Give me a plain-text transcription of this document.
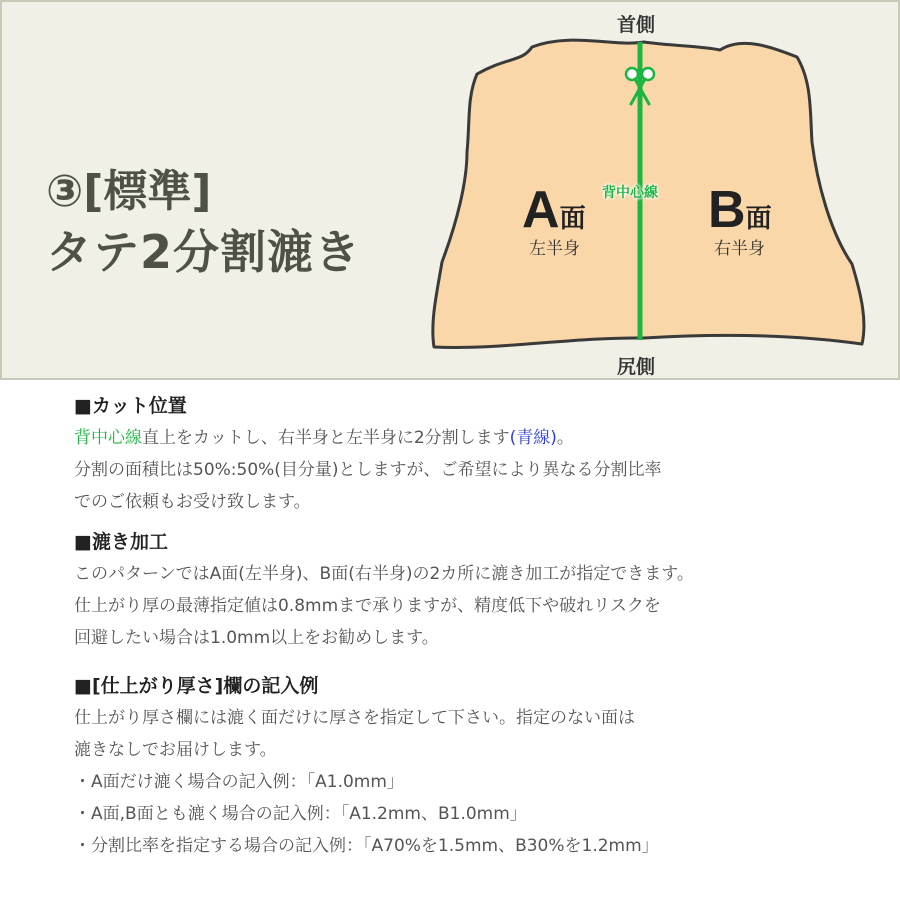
③[標準]
タテ2分割漉き
首側
尻側
背中心線
A面
左半身
B面
右半身
■カット位置
背中心線直上をカットし、右半身と左半身に2分割します(青線)。
分割の面積比は50%:50%(目分量)としますが、ご希望により異なる分割比率
でのご依頼もお受け致します。
■漉き加工
このパターンではA面(左半身)、B面(右半身)の2カ所に漉き加工が指定できます。
仕上がり厚の最薄指定値は0.8mmまで承りますが、精度低下や破れリスクを
回避したい場合は1.0mm以上をお勧めします。
■[仕上がり厚さ]欄の記入例
仕上がり厚さ欄には漉く面だけに厚さを指定して下さい。指定のない面は
漉きなしでお届けします。
・A面だけ漉く場合の記入例：「A1.0mm」
・A面,B面とも漉く場合の記入例：「A1.2mm、B1.0mm」
・分割比率を指定する場合の記入例：「A70%を1.5mm、B30%を1.2mm」
